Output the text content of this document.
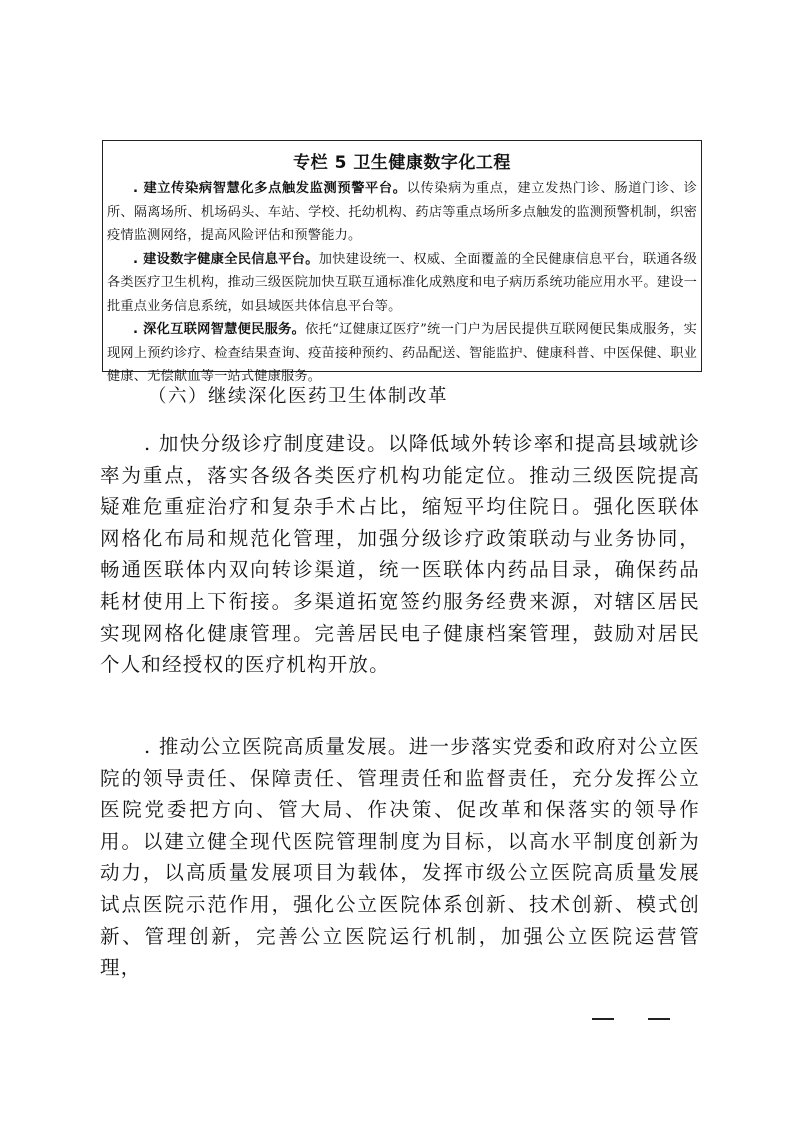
专栏 5 卫生健康数字化工程

. 建立传染病智慧化多点触发监测预警平台。以传染病为重点，建立发热门诊、肠道门诊、诊所、隔离场所、机场码头、车站、学校、托幼机构、药店等重点场所多点触发的监测预警机制，织密疫情监测网络，提高风险评估和预警能力。

. 建设数字健康全民信息平台。加快建设统一、权威、全面覆盖的全民健康信息平台，联通各级各类医疗卫生机构，推动三级医院加快互联互通标准化成熟度和电子病历系统功能应用水平。建设一批重点业务信息系统，如县域医共体信息平台等。

. 深化互联网智慧便民服务。依托“辽健康辽医疗”统一门户为居民提供互联网便民集成服务，实现网上预约诊疗、检查结果查询、疫苗接种预约、药品配送、智能监护、健康科普、中医保健、职业健康、无偿献血等一站式健康服务。

（六）继续深化医药卫生体制改革

. 加快分级诊疗制度建设。以降低域外转诊率和提高县域就诊率为重点，落实各级各类医疗机构功能定位。推动三级医院提高疑难危重症治疗和复杂手术占比，缩短平均住院日。强化医联体网格化布局和规范化管理，加强分级诊疗政策联动与业务协同，畅通医联体内双向转诊渠道，统一医联体内药品目录，确保药品耗材使用上下衔接。多渠道拓宽签约服务经费来源，对辖区居民实现网格化健康管理。完善居民电子健康档案管理，鼓励对居民个人和经授权的医疗机构开放。

. 推动公立医院高质量发展。进一步落实党委和政府对公立医院的领导责任、保障责任、管理责任和监督责任，充分发挥公立医院党委把方向、管大局、作决策、促改革和保落实的领导作用。以建立健全现代医院管理制度为目标，以高水平制度创新为动力，以高质量发展项目为载体，发挥市级公立医院高质量发展试点医院示范作用，强化公立医院体系创新、技术创新、模式创新、管理创新，完善公立医院运行机制，加强公立医院运营管理，
